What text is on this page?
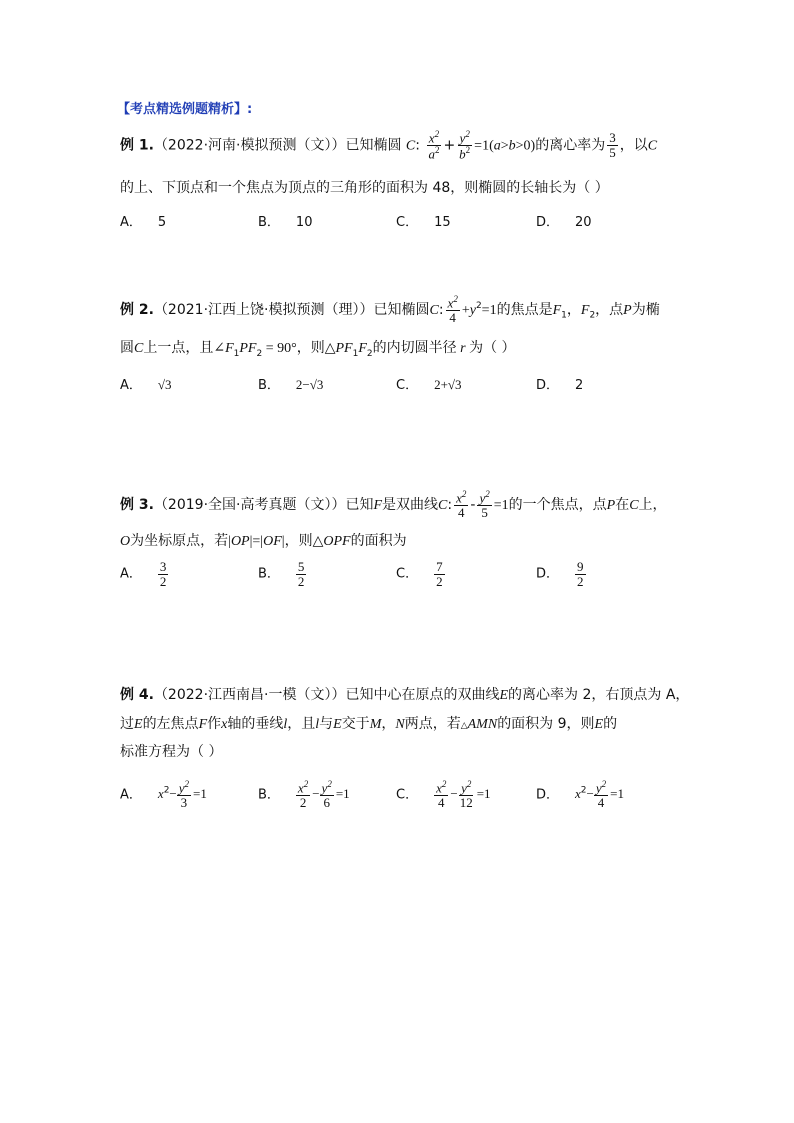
【考点精选例题精析】:
例 1.（2022·河南·模拟预测（文））已知椭圆 C: $\frac{x^2}{a^2} + \frac{y^2}{b^2} =1(a>b>0)$的离心率为 $\frac{3}{5}$ ，以C
的上、下顶点和一个焦点为顶点的三角形的面积为 48，则椭圆的长轴长为（ ）
A． 5	B． 10	C． 15	D． 20
例 2.（2021·江西上饶·模拟预测（理））已知椭圆C: $\frac{x^2}{4} +y^2=1$的焦点是$F_1$，$F_2$，点P为椭
圆C上一点，且$\angle F_1PF_2 = 90^\circ$，则$\triangle PF_1F_2$的内切圆半径 r 为（ ）
A． √3	B． 2−√3	C． 2+√3	D． 2
例 3.（2019·全国·高考真题（文））已知F是双曲线C: $\frac{x^2}{4} - \frac{y^2}{5} =1$的一个焦点，点P在C上，
O为坐标原点，若|OP|=|OF|，则△OPF的面积为
A． $\frac{3}{2}$	B． $\frac{5}{2}$	C． $\frac{7}{2}$	D． $\frac{9}{2}$
例 4.（2022·江西南昌·一模（文））已知中心在原点的双曲线E的离心率为 2，右顶点为 A，
过E的左焦点F作x轴的垂线l，且l与E交于M，N两点，若△AMN的面积为 9，则E的
标准方程为（ ）
A． $x^2- \frac{y^2}{3} =1$	B． $\frac{x^2}{2} - \frac{y^2}{6} =1$	C． $\frac{x^2}{4} - \frac{y^2}{12} =1$	D． $x^2- \frac{y^2}{4} =1$
